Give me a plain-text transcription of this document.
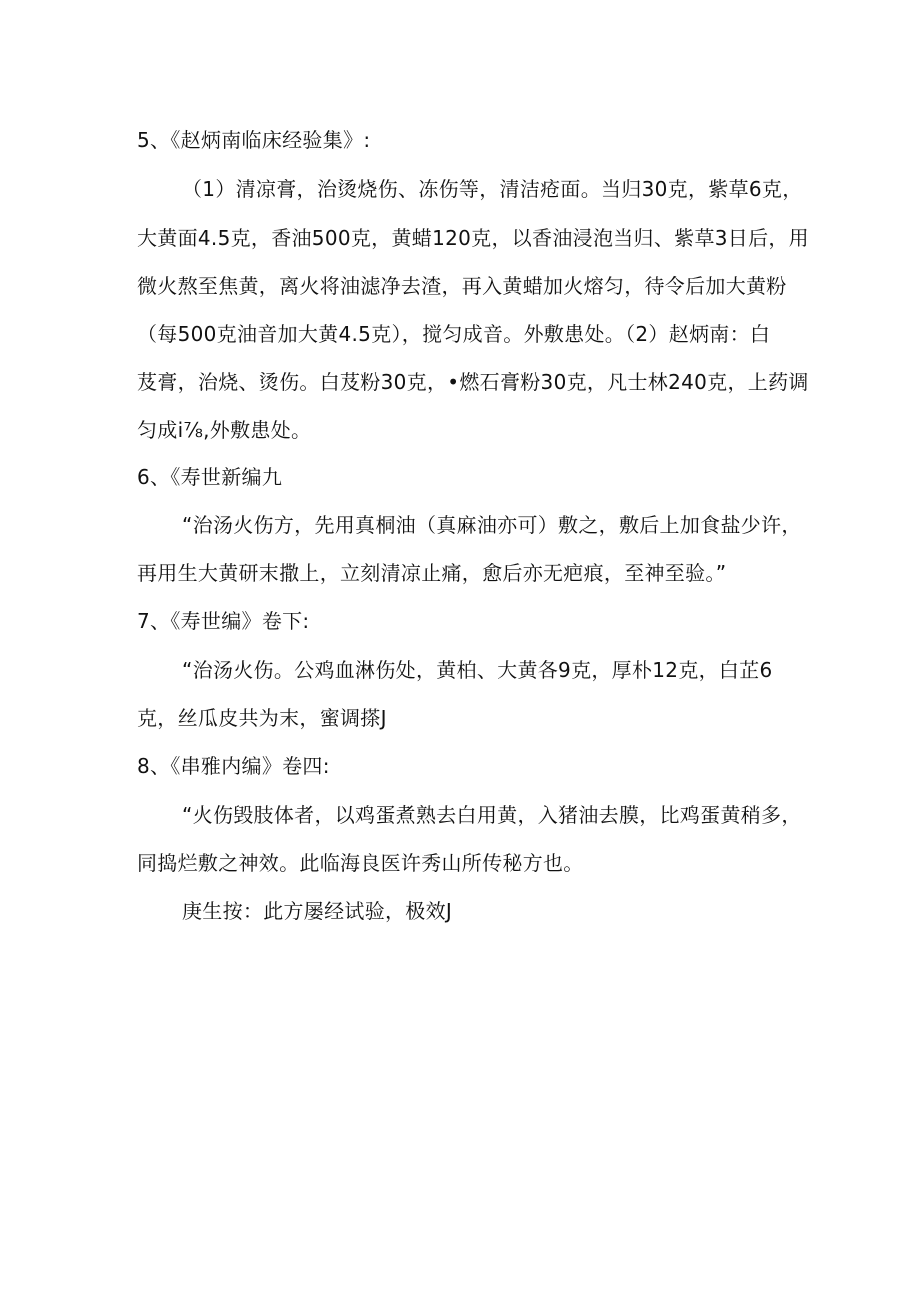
5、《赵炳南临床经验集》:
（1）清凉膏，治烫烧伤、冻伤等，清洁疮面。当归30克，紫草6克，
大黄面4.5克，香油500克，黄蜡120克，以香油浸泡当归、紫草3日后，用
微火熬至焦黄，离火将油滤净去渣，再入黄蜡加火熔匀，待令后加大黄粉
（每500克油音加大黄4.5克），搅匀成音。外敷患处。（2）赵炳南：白
芨膏，治烧、烫伤。白芨粉30克，•燃石膏粉30克，凡士林240克，上药调
匀成i⅞,外敷患处。
6、《寿世新编九
“治汤火伤方，先用真桐油（真麻油亦可）敷之，敷后上加食盐少许，
再用生大黄研末撒上，立刻清凉止痛，愈后亦无疤痕，至神至验。”
7、《寿世编》卷下:
“治汤火伤。公鸡血淋伤处，黄柏、大黄各9克，厚朴12克，白芷6
克，丝瓜皮共为末，蜜调搽J
8、《串雅内编》卷四:
“火伤毁肢体者，以鸡蛋煮熟去白用黄，入猪油去膜，比鸡蛋黄稍多，
同捣烂敷之神效。此临海良医许秀山所传秘方也。
庚生按：此方屡经试验，极效J
